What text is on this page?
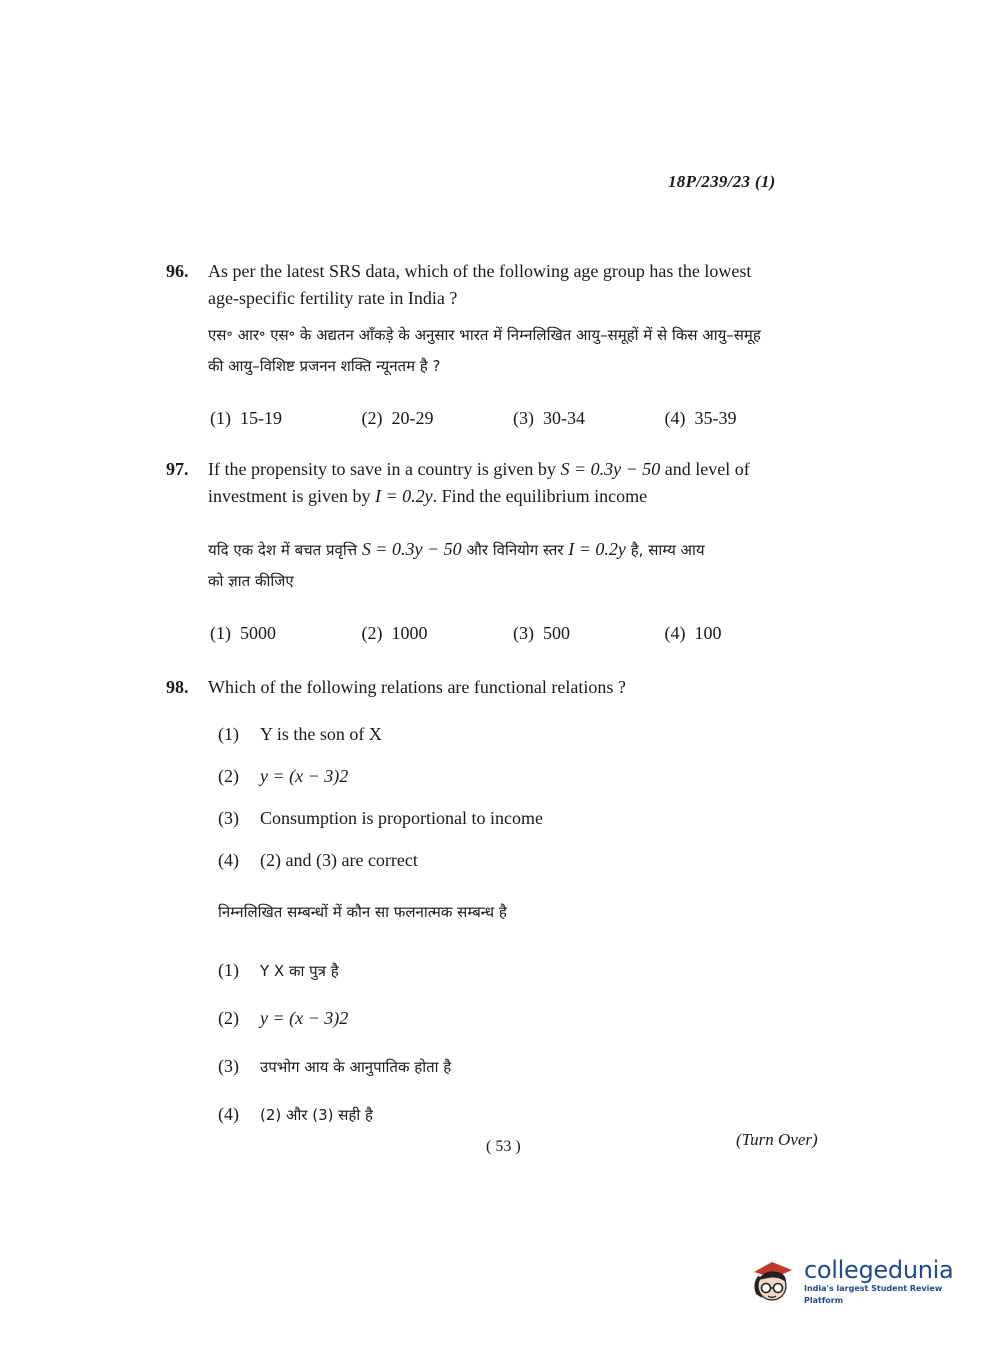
18P/239/23 (1)
96.	As per the latest SRS data, which of the following age group has the lowest
age-specific fertility rate in India ?
एस॰ आर॰ एस॰ के अद्यतन आँकड़े के अनुसार भारत में निम्नलिखित आयु–समूहों में से किस आयु–समूह
की आयु–विशिष्ट प्रजनन शक्ति न्यूनतम है ?
(1) 15-19	(2) 20-29	(3) 30-34	(4) 35-39
97.	If the propensity to save in a country is given by S = 0.3y − 50 and level of
investment is given by I = 0.2y. Find the equilibrium income
यदि एक देश में बचत प्रवृत्ति S = 0.3y − 50 और विनियोग स्तर I = 0.2y है, साम्य आय
को ज्ञात कीजिए
(1) 5000	(2) 1000	(3) 500	(4) 100
98.	Which of the following relations are functional relations ?
(1) Y is the son of X
(2) y = (x − 3)2
(3) Consumption is proportional to income
(4) (2) and (3) are correct
निम्नलिखित सम्बन्धों में कौन सा फलनात्मक सम्बन्ध है
(1) Y X का पुत्र है
(2) y = (x − 3)2
(3) उपभोग आय के आनुपातिक होता है
(4) (2) और (3) सही है
( 53 )	(Turn Over)
collegedunia
India's largest Student Review Platform
